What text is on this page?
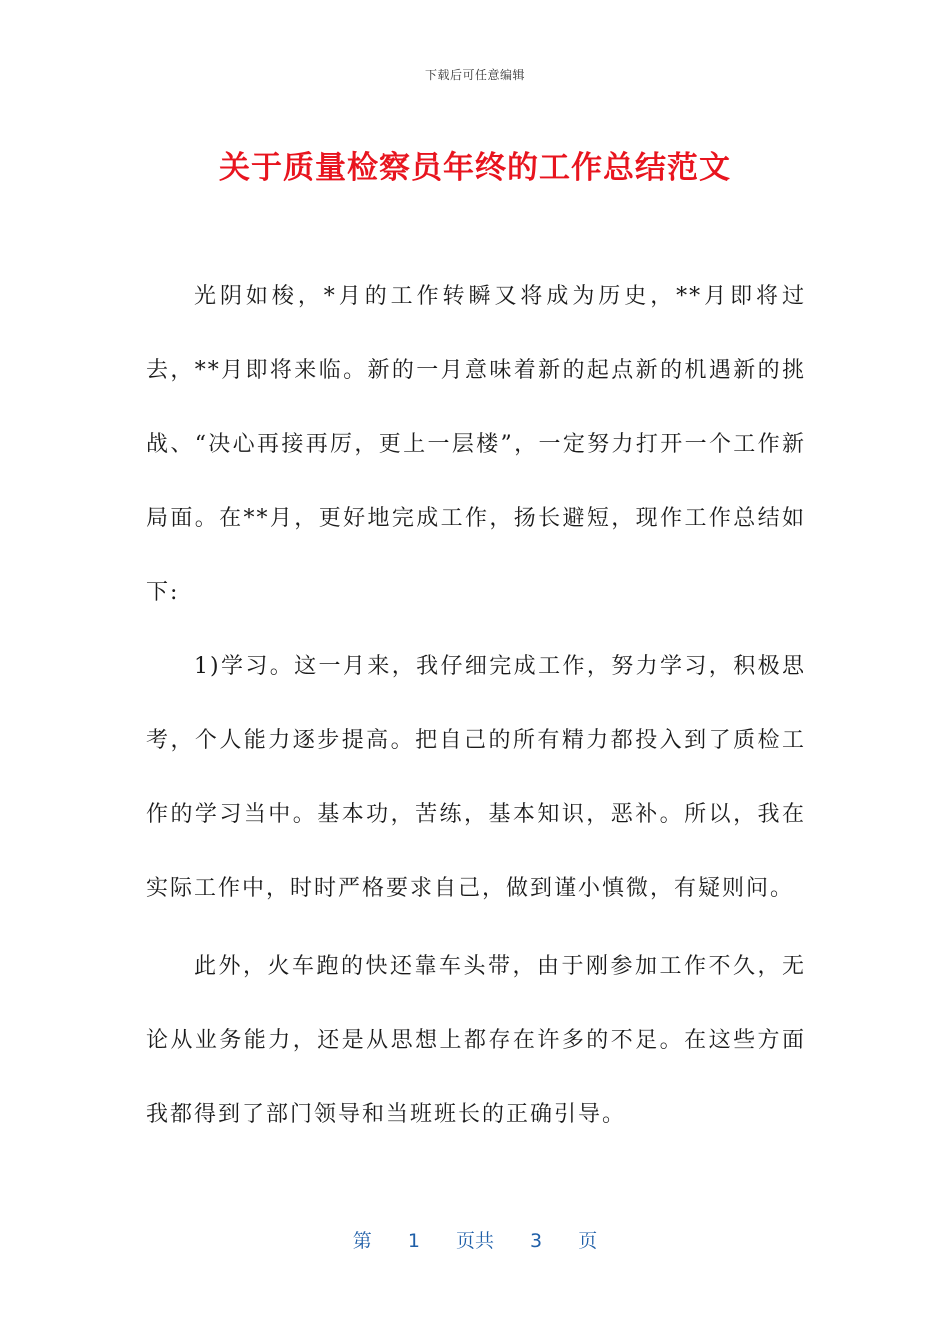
下载后可任意编辑
关于质量检察员年终的工作总结范文

光阴如梭，*月的工作转瞬又将成为历史，**月即将过去，**月即将来临。新的一月意味着新的起点新的机遇新的挑战、“决心再接再厉，更上一层楼”，一定努力打开一个工作新局面。在**月，更好地完成工作，扬长避短，现作工作总结如下:

1)学习。这一月来，我仔细完成工作，努力学习，积极思考，个人能力逐步提高。把自己的所有精力都投入到了质检工作的学习当中。基本功，苦练，基本知识，恶补。所以，我在实际工作中，时时严格要求自己，做到谨小慎微，有疑则问。

此外，火车跑的快还靠车头带，由于刚参加工作不久，无论从业务能力，还是从思想上都存在许多的不足。在这些方面我都得到了部门领导和当班班长的正确引导。

第 1 页共 3 页
